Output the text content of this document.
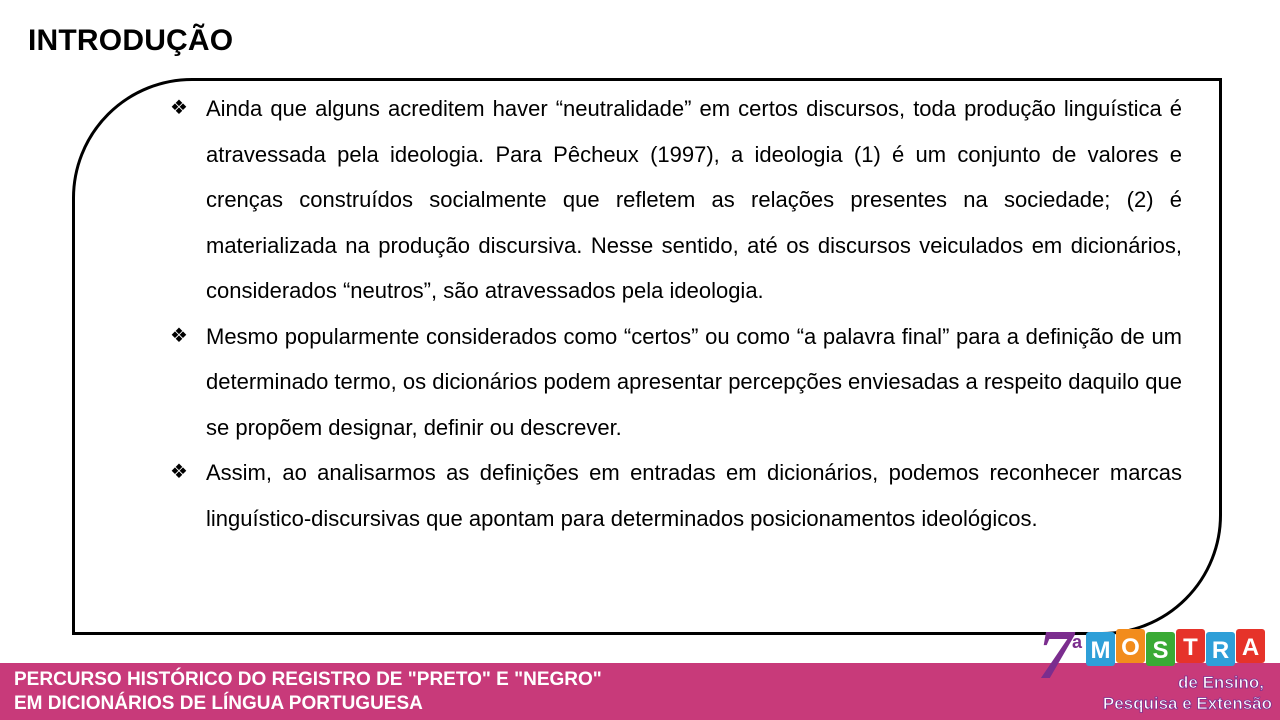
INTRODUÇÃO
❖ Ainda que alguns acreditem haver “neutralidade” em certos discursos, toda produção linguística é atravessada pela ideologia. Para Pêcheux (1997), a ideologia (1) é um conjunto de valores e crenças construídos socialmente que refletem as relações presentes na sociedade; (2) é materializada na produção discursiva. Nesse sentido, até os discursos veiculados em dicionários, considerados “neutros”, são atravessados pela ideologia.
❖ Mesmo popularmente considerados como “certos” ou como “a palavra final” para a definição de um determinado termo, os dicionários podem apresentar percepções enviesadas a respeito daquilo que se propõem designar, definir ou descrever.
❖ Assim, ao analisarmos as definições em entradas em dicionários, podemos reconhecer marcas linguístico-discursivas que apontam para determinados posicionamentos ideológicos.
PERCURSO HISTÓRICO DO REGISTRO DE "PRETO" E "NEGRO"
EM DICIONÁRIOS DE LÍNGUA PORTUGUESA
7 a M O S T R A
de Ensino,
Pesquisa e Extensão
